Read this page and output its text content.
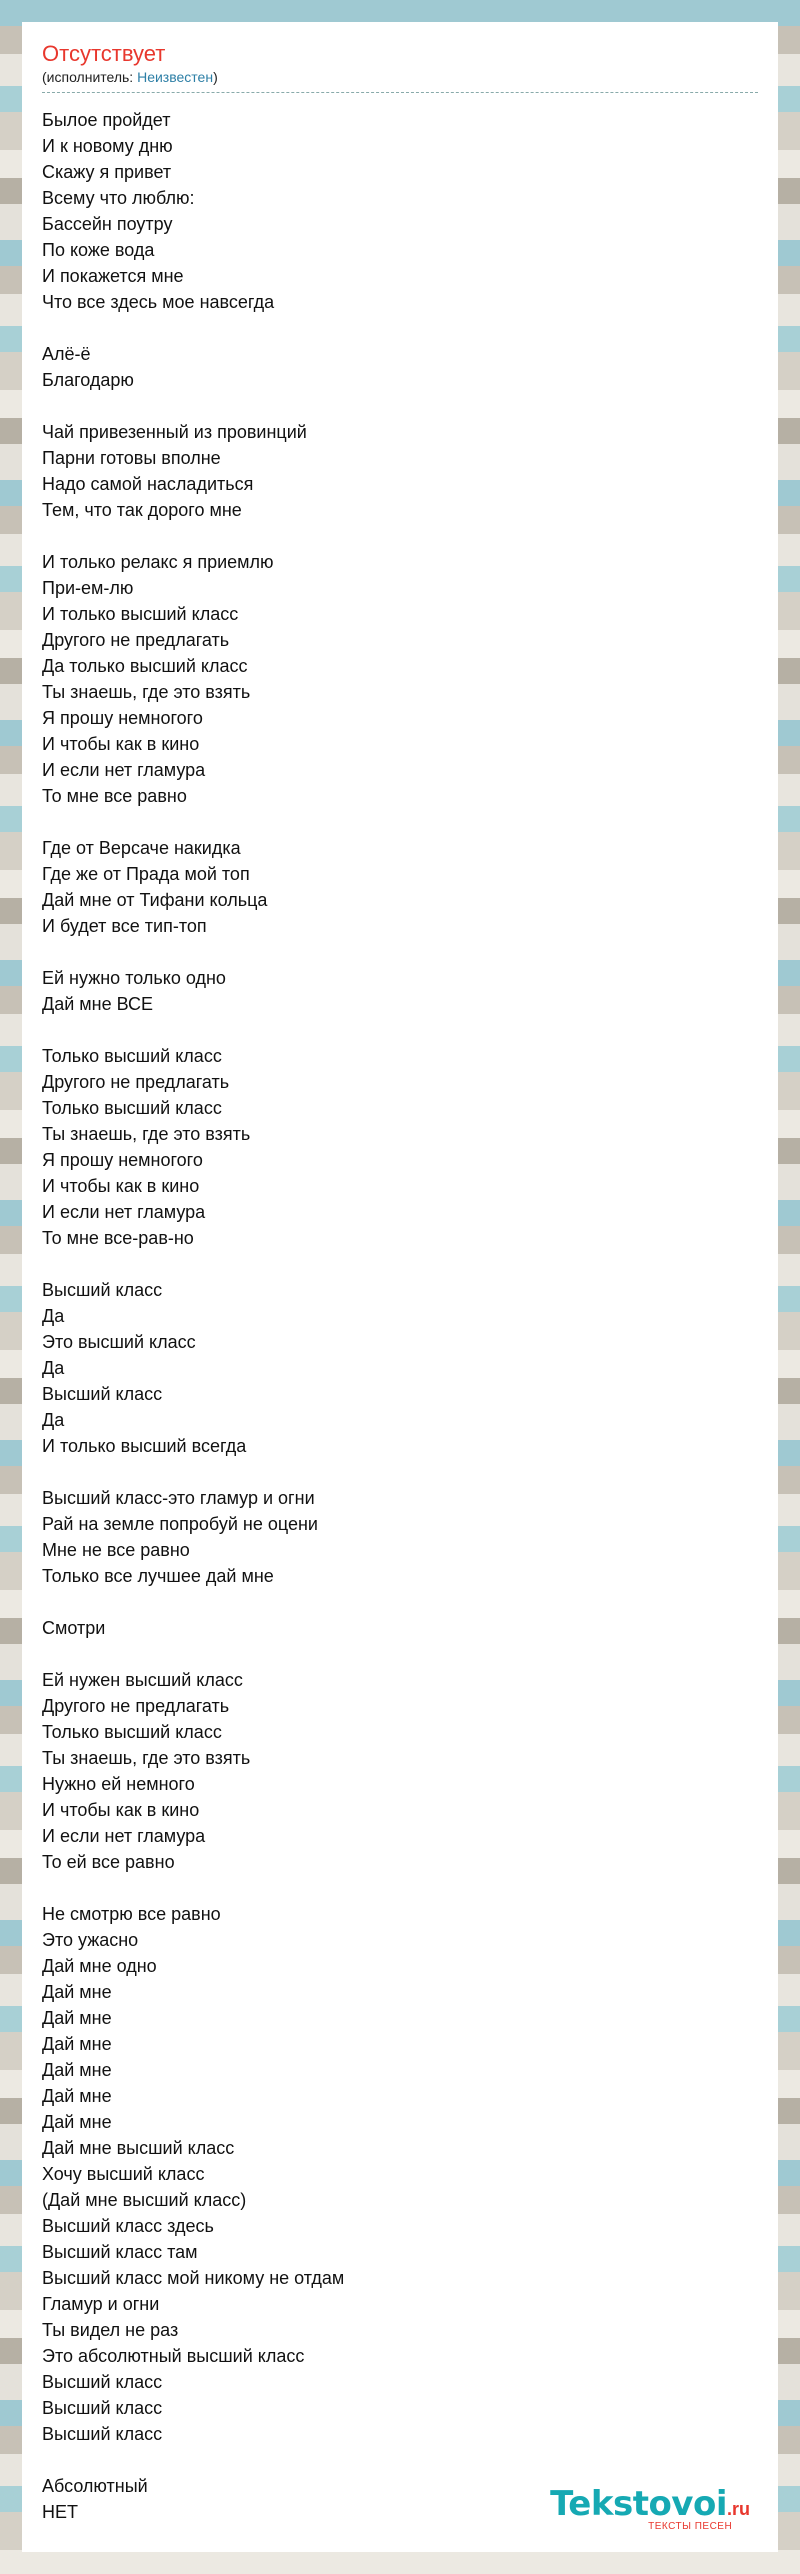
Отсутствует
(исполнитель: Неизвестен)
Былое пройдет
И к новому дню
Скажу я привет
Всему что люблю:
Бассейн поутру
По коже вода
И покажется мне
Что все здесь мое навсегда
Алё-ё
Благодарю
Чай привезенный из провинций
Парни готовы вполне
Надо самой насладиться
Тем, что так дорого мне
И только релакс я приемлю
При-ем-лю
И только высший класс
Другого не предлагать
Да только высший класс
Ты знаешь, где это взять
Я прошу немногого
И чтобы как в кино
И если нет гламура
То мне все равно
Где от Версаче накидка
Где же от Прада мой топ
Дай мне от Тифани кольца
И будет все тип-топ
Ей нужно только одно
Дай мне ВСЕ
Только высший класс
Другого не предлагать
Только высший класс
Ты знаешь, где это взять
Я прошу немногого
И чтобы как в кино
И если нет гламура
То мне все-рав-но
Высший класс
Да
Это высший класс
Да
Высший класс
Да
И только высший всегда
Высший класс-это гламур и огни
Рай на земле попробуй не оцени
Мне не все равно
Только все лучшее дай мне
Смотри
Ей нужен высший класс
Другого не предлагать
Только высший класс
Ты знаешь, где это взять
Нужно ей немного
И чтобы как в кино
И если нет гламура
То ей все равно
Не смотрю все равно
Это ужасно
Дай мне одно
Дай мне
Дай мне
Дай мне
Дай мне
Дай мне
Дай мне
Дай мне высший класс
Хочу высший класс
(Дай мне высший класс)
Высший класс здесь
Высший класс там
Высший класс мой никому не отдам
Гламур и огни
Ты видел не раз
Это абсолютный высший класс
Высший класс
Высший класс
Высший класс
Абсолютный
НЕТ	Tekstovoi.ru
ТЕКСТЫ ПЕСЕН
